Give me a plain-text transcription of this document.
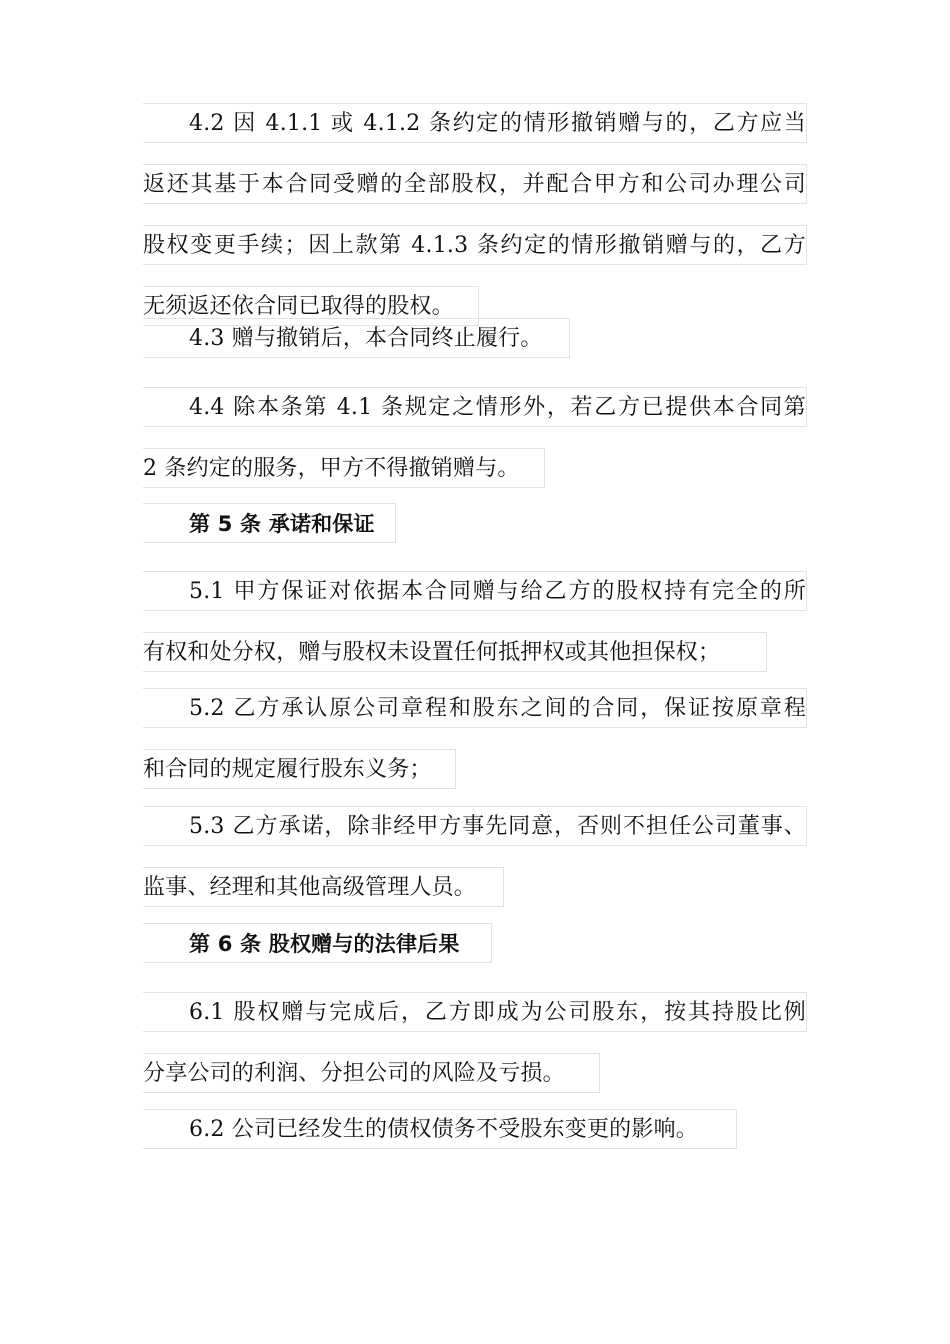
4.2 因 4.1.1 或 4.1.2 条约定的情形撤销赠与的，乙方应当
返还其基于本合同受赠的全部股权，并配合甲方和公司办理公司
股权变更手续；因上款第 4.1.3 条约定的情形撤销赠与的，乙方
无须返还依合同已取得的股权。
4.3 赠与撤销后，本合同终止履行。
4.4 除本条第 4.1 条规定之情形外，若乙方已提供本合同第
2 条约定的服务，甲方不得撤销赠与。
第 5 条 承诺和保证
5.1 甲方保证对依据本合同赠与给乙方的股权持有完全的所
有权和处分权，赠与股权未设置任何抵押权或其他担保权；
5.2 乙方承认原公司章程和股东之间的合同，保证按原章程
和合同的规定履行股东义务；
5.3 乙方承诺，除非经甲方事先同意，否则不担任公司董事、
监事、经理和其他高级管理人员。
第 6 条 股权赠与的法律后果
6.1 股权赠与完成后，乙方即成为公司股东，按其持股比例
分享公司的利润、分担公司的风险及亏损。
6.2 公司已经发生的债权债务不受股东变更的影响。
